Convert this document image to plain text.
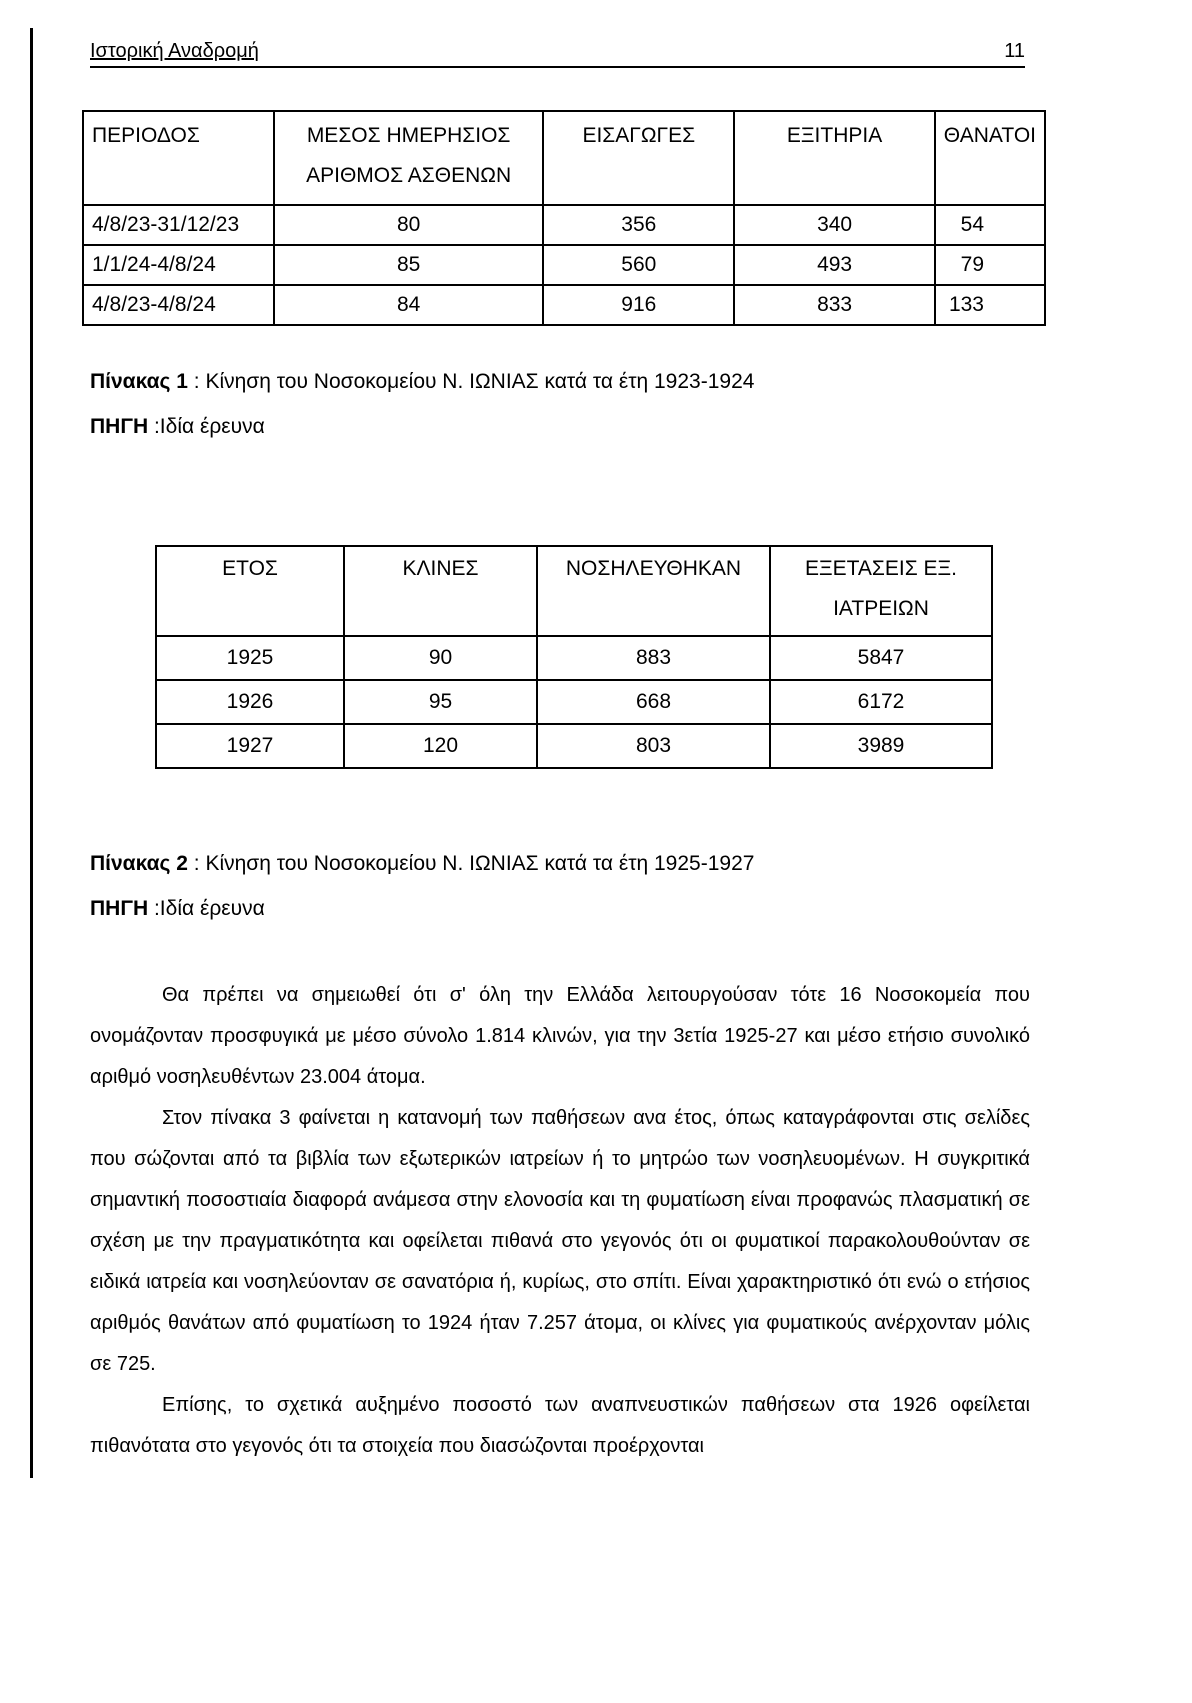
Ιστορική Αναδρομή	11
ΠΕΡΙΟΔΟΣ	ΜΕΣΟΣ ΗΜΕΡΗΣΙΟΣ ΑΡΙΘΜΟΣ ΑΣΘΕΝΩΝ	ΕΙΣΑΓΩΓΕΣ	ΕΞΙΤΗΡΙΑ	ΘΑΝΑΤΟΙ
4/8/23-31/12/23	80	356	340	54
1/1/24-4/8/24	85	560	493	79
4/8/23-4/8/24	84	916	833	133
Πίνακας 1 : Κίνηση του Νοσοκομείου Ν. ΙΩΝΙΑΣ κατά τα έτη 1923-1924
ΠΗΓΗ :Ιδία έρευνα
ΕΤΟΣ	ΚΛΙΝΕΣ	ΝΟΣΗΛΕΥΘΗΚΑΝ	ΕΞΕΤΑΣΕΙΣ ΕΞ. ΙΑΤΡΕΙΩΝ
1925	90	883	5847
1926	95	668	6172
1927	120	803	3989
Πίνακας 2 : Κίνηση του Νοσοκομείου Ν. ΙΩΝΙΑΣ κατά τα έτη 1925-1927
ΠΗΓΗ :Ιδία έρευνα

Θα πρέπει να σημειωθεί ότι σ' όλη την Ελλάδα λειτουργούσαν τότε 16 Νοσοκομεία που ονομάζονταν προσφυγικά με μέσο σύνολο 1.814 κλινών, για την 3ετία 1925-27 και μέσο ετήσιο συνολικό αριθμό νοσηλευθέντων 23.004 άτομα.

Στον πίνακα 3 φαίνεται η κατανομή των παθήσεων ανα έτος, όπως καταγράφονται στις σελίδες που σώζονται από τα βιβλία των εξωτερικών ιατρείων ή το μητρώο των νοσηλευομένων. Η συγκριτικά σημαντική ποσοστιαία διαφορά ανάμεσα στην ελονοσία και τη φυματίωση είναι προφανώς πλασματική σε σχέση με την πραγματικότητα και οφείλεται πιθανά στο γεγονός ότι οι φυματικοί παρακολουθούνταν σε ειδικά ιατρεία και νοσηλεύονταν σε σανατόρια ή, κυρίως, στο σπίτι. Είναι χαρακτηριστικό ότι ενώ ο ετήσιος αριθμός θανάτων από φυματίωση το 1924 ήταν 7.257 άτομα, οι κλίνες για φυματικούς ανέρχονταν μόλις σε 725.

Επίσης, το σχετικά αυξημένο ποσοστό των αναπνευστικών παθήσεων στα 1926 οφείλεται πιθανότατα στο γεγονός ότι τα στοιχεία που διασώζονται προέρχονται
